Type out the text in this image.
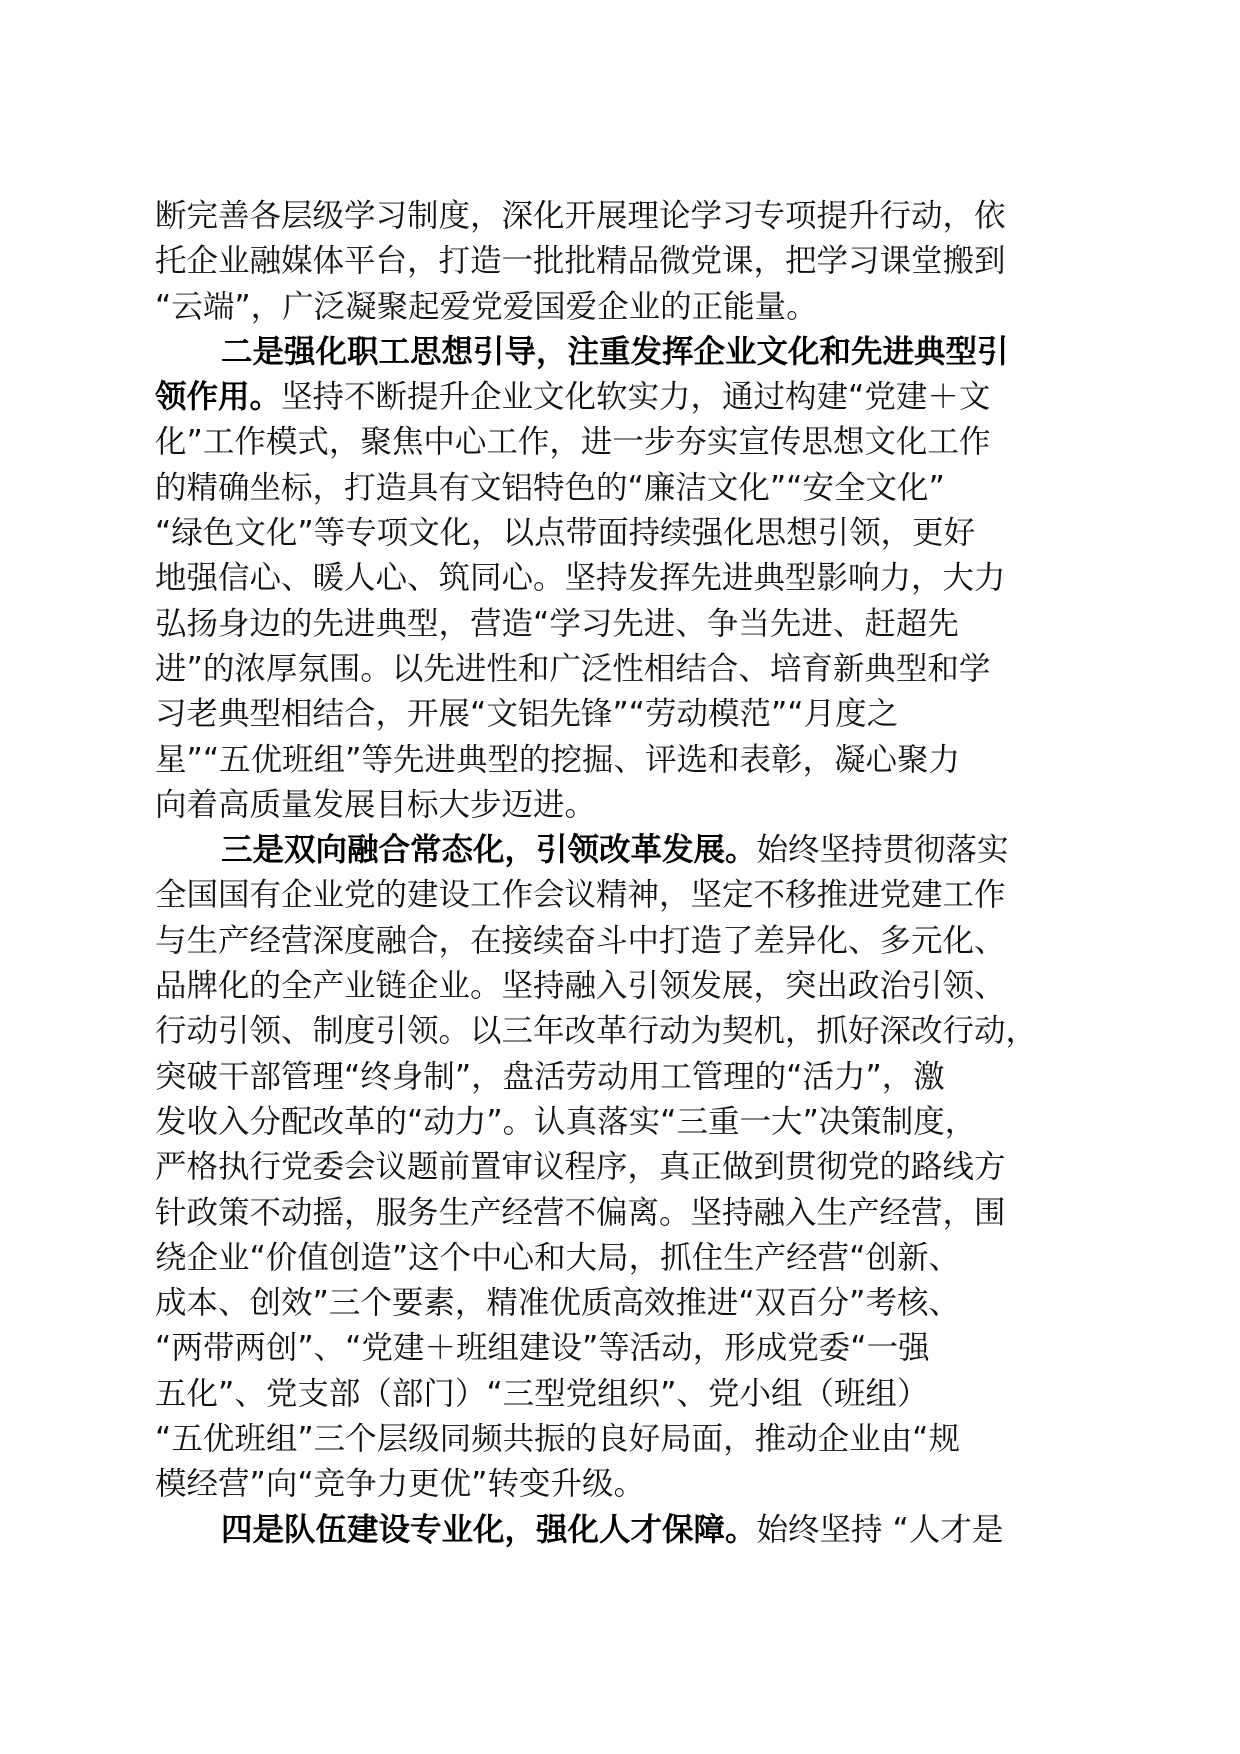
断完善各层级学习制度，深化开展理论学习专项提升行动，依
托企业融媒体平台，打造一批批精品微党课，把学习课堂搬到
“云端”，广泛凝聚起爱党爱国爱企业的正能量。
二是强化职工思想引导，注重发挥企业文化和先进典型引
领作用。坚持不断提升企业文化软实力，通过构建“党建＋文
化”工作模式，聚焦中心工作，进一步夯实宣传思想文化工作
的精确坐标，打造具有文铝特色的“廉洁文化”“安全文化”
“绿色文化”等专项文化，以点带面持续强化思想引领，更好
地强信心、暖人心、筑同心。坚持发挥先进典型影响力，大力
弘扬身边的先进典型，营造“学习先进、争当先进、赶超先
进”的浓厚氛围。以先进性和广泛性相结合、培育新典型和学
习老典型相结合，开展“文铝先锋”“劳动模范”“月度之
星”“五优班组”等先进典型的挖掘、评选和表彰，凝心聚力
向着高质量发展目标大步迈进。
三是双向融合常态化，引领改革发展。始终坚持贯彻落实
全国国有企业党的建设工作会议精神，坚定不移推进党建工作
与生产经营深度融合，在接续奋斗中打造了差异化、多元化、
品牌化的全产业链企业。坚持融入引领发展，突出政治引领、
行动引领、制度引领。以三年改革行动为契机，抓好深改行动，
突破干部管理“终身制”，盘活劳动用工管理的“活力”，激
发收入分配改革的“动力”。认真落实“三重一大”决策制度，
严格执行党委会议题前置审议程序，真正做到贯彻党的路线方
针政策不动摇，服务生产经营不偏离。坚持融入生产经营，围
绕企业“价值创造”这个中心和大局，抓住生产经营“创新、
成本、创效”三个要素，精准优质高效推进“双百分”考核、
“两带两创”、“党建＋班组建设”等活动，形成党委“一强
五化”、党支部（部门）“三型党组织”、党小组（班组）
“五优班组”三个层级同频共振的良好局面，推动企业由“规
模经营”向“竞争力更优”转变升级。
四是队伍建设专业化，强化人才保障。始终坚持 “人才是
